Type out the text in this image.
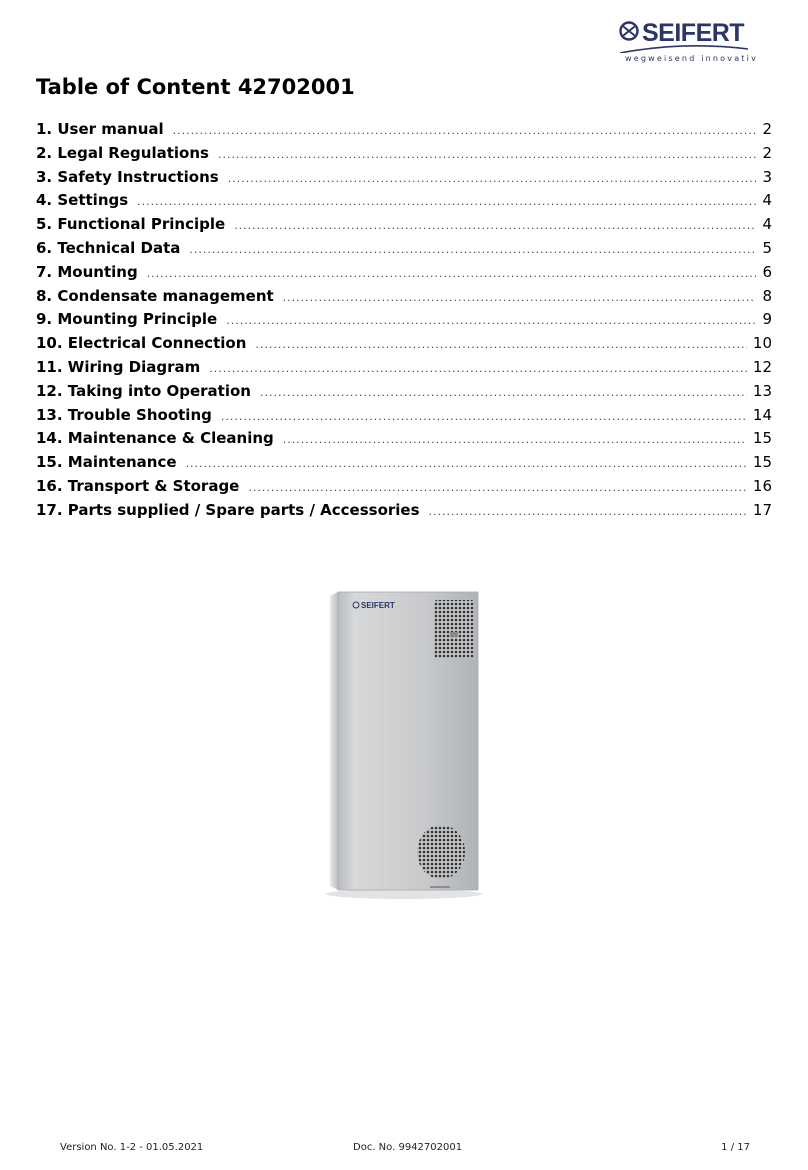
SEIFERT
wegweisend innovativ
Table of Content 42702001
1. User manual .....	2
2. Legal Regulations .....	2
3. Safety Instructions .....	3
4. Settings .....	4
5. Functional Principle .....	4
6. Technical Data .....	5
7. Mounting .....	6
8. Condensate management .....	8
9. Mounting Principle .....	9
10. Electrical Connection .....	10
11. Wiring Diagram .....	12
12. Taking into Operation .....	13
13. Trouble Shooting .....	14
14. Maintenance & Cleaning .....	15
15. Maintenance .....	15
16. Transport & Storage .....	16
17. Parts supplied / Spare parts / Accessories .....	17
SEIFERT
Version No. 1-2 - 01.05.2021	Doc. No. 9942702001	1 / 17
